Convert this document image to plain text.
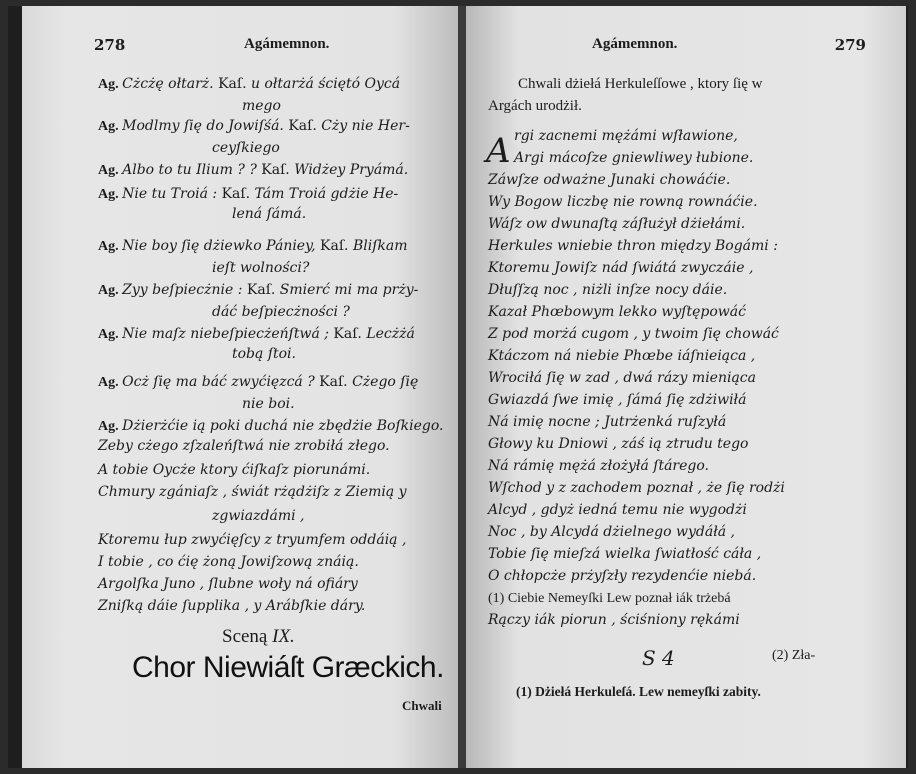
278	Agámemnon.
Ag. Cżcżę ołtarż. Kaſ. u ołtarżá ściętó Oycá
mego
Ag. Modlmy ſię do Jowiſśá. Kaſ. Cży nie Her-
ceyſkiego
Ag. Albo to tu Ilium ? ? Kaſ. Widżey Pryámá.
Ag. Nie tu Troiá : Kaſ. Tám Troiá gdżie He-
lená ſámá.
Ag. Nie boy ſię dżiewko Pániey, Kaſ. Bliſkam
ieſt wolności?
Ag. Zyy beſpiecżnie : Kaſ. Smierć mi ma prży-
dáć beſpiecżności ?
Ag. Nie maſz niebeſpiecżeńſtwá ; Kaſ. Lecżżá
tobą ſtoi.
Ag. Ocż ſię ma báć zwyćięzcá ? Kaſ. Cżego ſię
nie boi.
Ag. Dżierżćie ią poki duchá nie zbędżie Boſkiego.
Zeby cżego zſzaleńſtwá nie zrobiłá złego.
A tobie Oycże ktory ćiſkaſz piorunámi.
Chmury zgániaſz , świát rżądżiſz z Ziemią y
zgwiazdámi ,
Ktoremu łup zwyćięſcy z tryumfem oddáią ,
I tobie , co ćię żoną Jowiſzową znáią.
Argolſka Juno , ſlubne woły ná ofiáry
Zniſką dáie ſupplika , y Arábſkie dáry.
Sceną IX.
Chor Niewiáſt Græckich.
Chwali
Agámemnon.	279
Chwali dżiełá Herkuleſſowe , ktory ſię w
Argách urodżił.
A rgi zacnemi mężámi wſławione,
Argi mácoſze gniewliwey łubione.
Záwſze odważne Junaki chowáćie.
Wy Bogow liczbę nie rowną rownáćie.
Wáſz ow dwunaſtą záſłużył dżiełámi.
Herkules wniebie thron między Bogámi :
Ktoremu Jowiſz nád ſwiátá zwyczáie ,
Dłuſſzą noc , niżli inſze nocy dáie.
Kazał Phœbowym lekko wyſtępowáć
Z pod morżá cugom , y twoim ſię chowáć
Ktáczom ná niebie Phœbe iáſnieiąca ,
Wrociłá ſię w zad , dwá rázy mieniąca
Gwiazdá ſwe imię , ſámá ſię zdżiwiłá
Ná imię nocne ; Jutrżenká ruſzyłá
Głowy ku Dniowi , záś ią ztrudu tego
Ná rámię mężá złożyłá ſtárego.
Wſchod y z zachodem poznał , że ſię rodżi
Alcyd , gdyż iedná temu nie wygodżi
Noc , by Alcydá dżielnego wydáłá ,
Tobie ſię mieſzá wielka ſwiatłość cáła ,
O chłopcże prżyſzły rezydenćie niebá.
(1) Ciebie Nemeyſki Lew poznał iák trżebá
Rączy iák piorun , ściśniony rękámi
S 4	(2) Zła-
(1) Dżiełá Herkuleſá. Lew nemeyſki zabity.
